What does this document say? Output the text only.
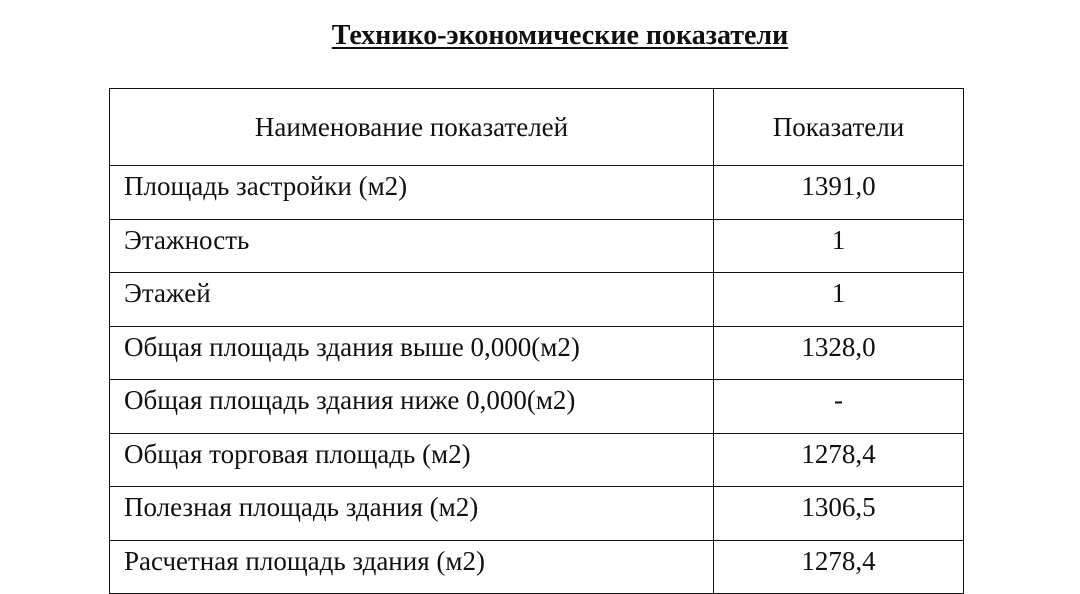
Технико-экономические показатели
Наименование показателей	Показатели
Площадь застройки (м2)	1391,0
Этажность	1
Этажей	1
Общая площадь здания выше 0,000(м2)	1328,0
Общая площадь здания ниже 0,000(м2)	-
Общая торговая площадь (м2)	1278,4
Полезная площадь здания (м2)	1306,5
Расчетная площадь здания (м2)	1278,4
